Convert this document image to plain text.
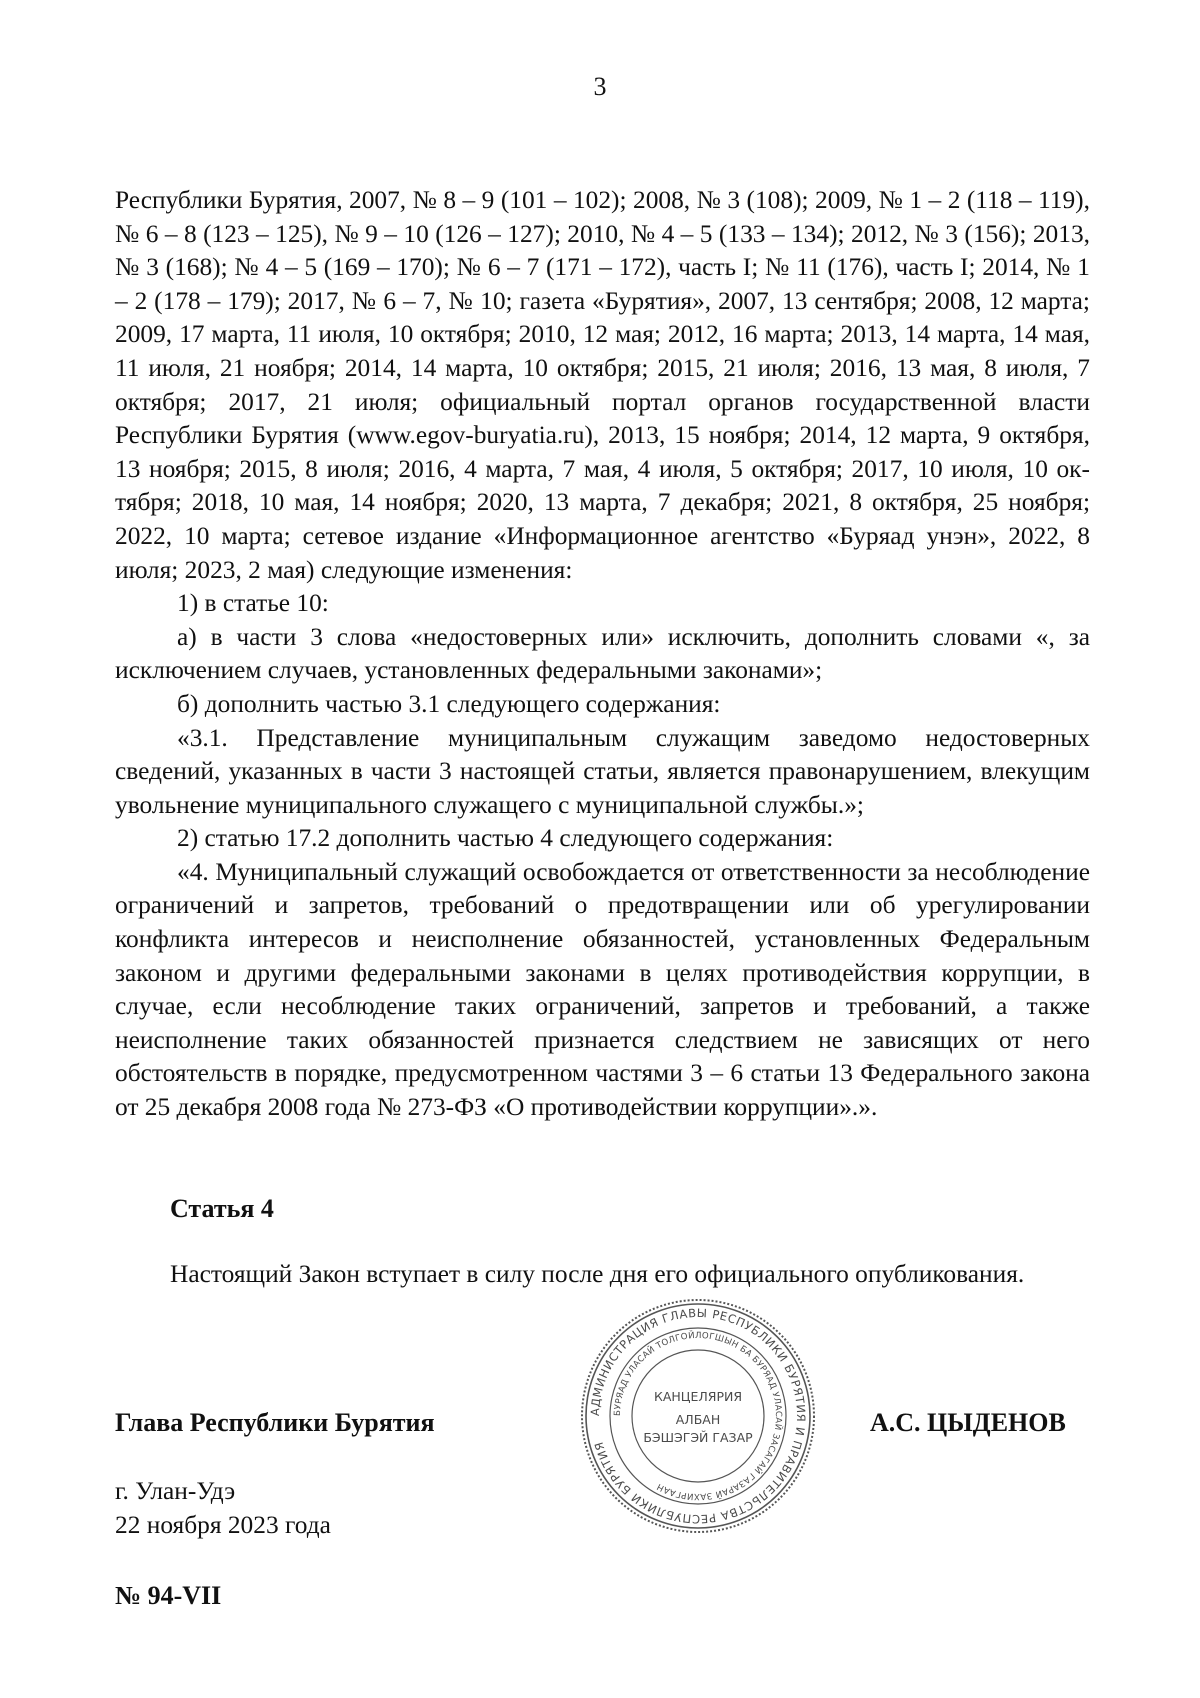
3

Республики Бурятия, 2007, № 8 – 9 (101 – 102); 2008, № 3 (108); 2009, № 1 – 2 (118 – 119), № 6 – 8 (123 – 125), № 9 – 10 (126 – 127); 2010, № 4 – 5 (133 – 134); 2012, № 3 (156); 2013, № 3 (168); № 4 – 5 (169 – 170); № 6 – 7 (171 – 172), часть I; № 11 (176), часть I; 2014, № 1 – 2 (178 – 179); 2017, № 6 – 7, № 10; газета «Бурятия», 2007, 13 сентября; 2008, 12 марта; 2009, 17 марта, 11 июля, 10 октября; 2010, 12 мая; 2012, 16 марта; 2013, 14 марта, 14 мая, 11 июля, 21 ноября; 2014, 14 марта, 10 октября; 2015, 21 июля; 2016, 13 мая, 8 июля, 7 октября; 2017, 21 июля; официальный портал органов государственной власти Республики Бурятия (www.egov-buryatia.ru), 2013, 15 ноября; 2014, 12 марта, 9 октября, 13 ноября; 2015, 8 июля; 2016, 4 марта, 7 мая, 4 июля, 5 октября; 2017, 10 июля, 10 октября; 2018, 10 мая, 14 ноября; 2020, 13 марта, 7 декабря; 2021, 8 октября, 25 ноября; 2022, 10 марта; сетевое издание «Информационное агентство «Буряад унэн», 2022, 8 июля; 2023, 2 мая) следующие изменения:

1) в статье 10:

а) в части 3 слова «недостоверных или» исключить, дополнить словами «, за исключением случаев, установленных федеральными законами»;

б) дополнить частью 3.1 следующего содержания:

«3.1. Представление муниципальным служащим заведомо недостоверных сведений, указанных в части 3 настоящей статьи, является правонарушением, влекущим увольнение муниципального служащего с муниципальной службы.»;

2) статью 17.2 дополнить частью 4 следующего содержания:

«4. Муниципальный служащий освобождается от ответственности за несоблюдение ограничений и запретов, требований о предотвращении или об урегулировании конфликта интересов и неисполнение обязанностей, установленных Федеральным законом и другими федеральными законами в целях противодействия коррупции, в случае, если несоблюдение таких ограничений, запретов и требований, а также неисполнение таких обязанностей признается следствием не зависящих от него обстоятельств в порядке, предусмотренном частями 3 – 6 статьи 13 Федерального закона от 25 декабря 2008 года № 273-ФЗ «О противодействии коррупции».».

Статья 4

Настоящий Закон вступает в силу после дня его официального опубликования.

АДМИНИСТРАЦИЯ ГЛАВЫ РЕСПУБЛИКИ БУРЯТИЯ И ПРАВИТЕЛЬСТВА РЕСПУБЛИКИ БУРЯТИЯ
БУРЯАД УЛАСАЙ ТОЛГОЙЛОГШЫН БА БУРЯАД УЛАСАЙ ЗАСАГАЙ ГАЗАРАЙ ЗАХИРГААН
КАНЦЕЛЯРИЯ
АЛБАН
БЭШЭГЭЙ ГАЗАР
Глава Республики Бурятия	А.С. ЦЫДЕНОВ
г. Улан-Удэ
22 ноября 2023 года
№ 94-VII
